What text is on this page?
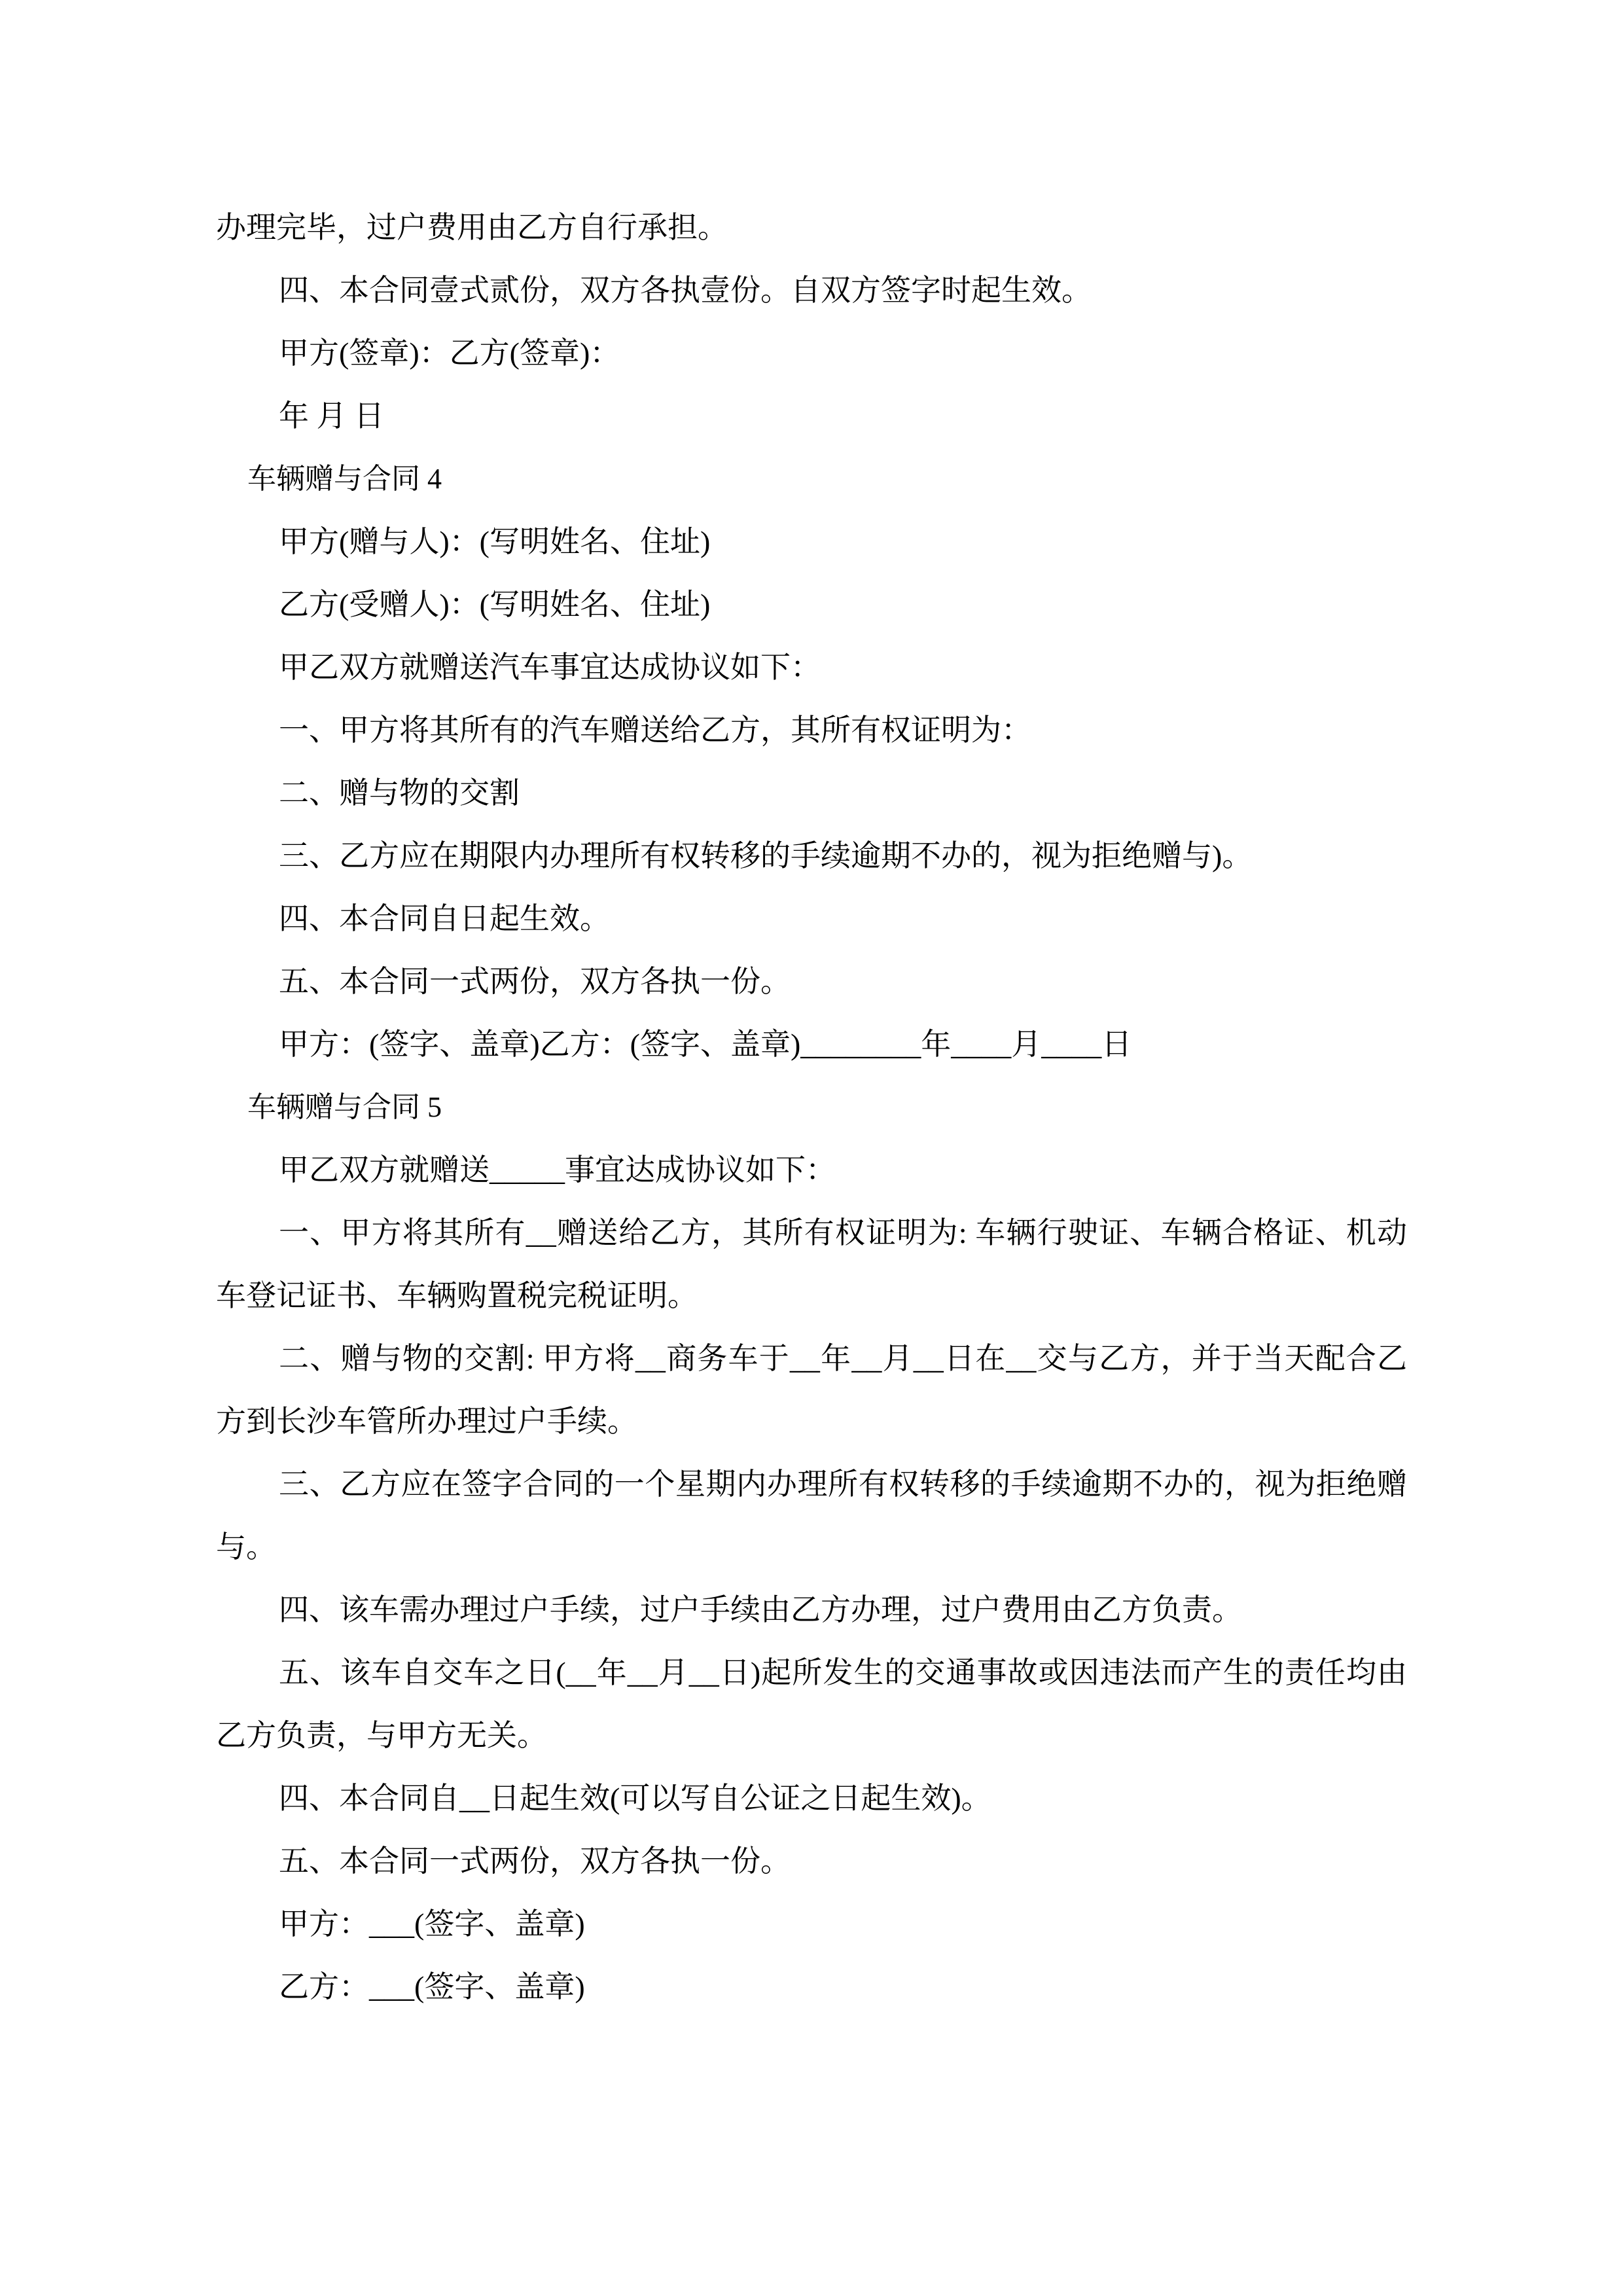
办理完毕，过户费用由乙方自行承担。

四、本合同壹式贰份，双方各执壹份。自双方签字时起生效。

甲方(签章)：乙方(签章)：

年 月 日

车辆赠与合同 4

甲方(赠与人)：(写明姓名、住址)

乙方(受赠人)：(写明姓名、住址)

甲乙双方就赠送汽车事宜达成协议如下：

一、甲方将其所有的汽车赠送给乙方，其所有权证明为：

二、赠与物的交割

三、乙方应在期限内办理所有权转移的手续逾期不办的，视为拒绝赠与)。

四、本合同自日起生效。

五、本合同一式两份，双方各执一份。

甲方：(签字、盖章)乙方：(签字、盖章)________年____月____日

车辆赠与合同 5

甲乙双方就赠送_____事宜达成协议如下：

一、甲方将其所有__赠送给乙方，其所有权证明为: 车辆行驶证、车辆合格证、机动车登记证书、车辆购置税完税证明。

二、赠与物的交割: 甲方将__商务车于__年__月__日在__交与乙方，并于当天配合乙方到长沙车管所办理过户手续。

三、乙方应在签字合同的一个星期内办理所有权转移的手续逾期不办的，视为拒绝赠与。

四、该车需办理过户手续，过户手续由乙方办理，过户费用由乙方负责。

五、该车自交车之日(__年__月__日)起所发生的交通事故或因违法而产生的责任均由乙方负责，与甲方无关。

四、本合同自__日起生效(可以写自公证之日起生效)。

五、本合同一式两份，双方各执一份。

甲方：___(签字、盖章)

乙方：___(签字、盖章)
